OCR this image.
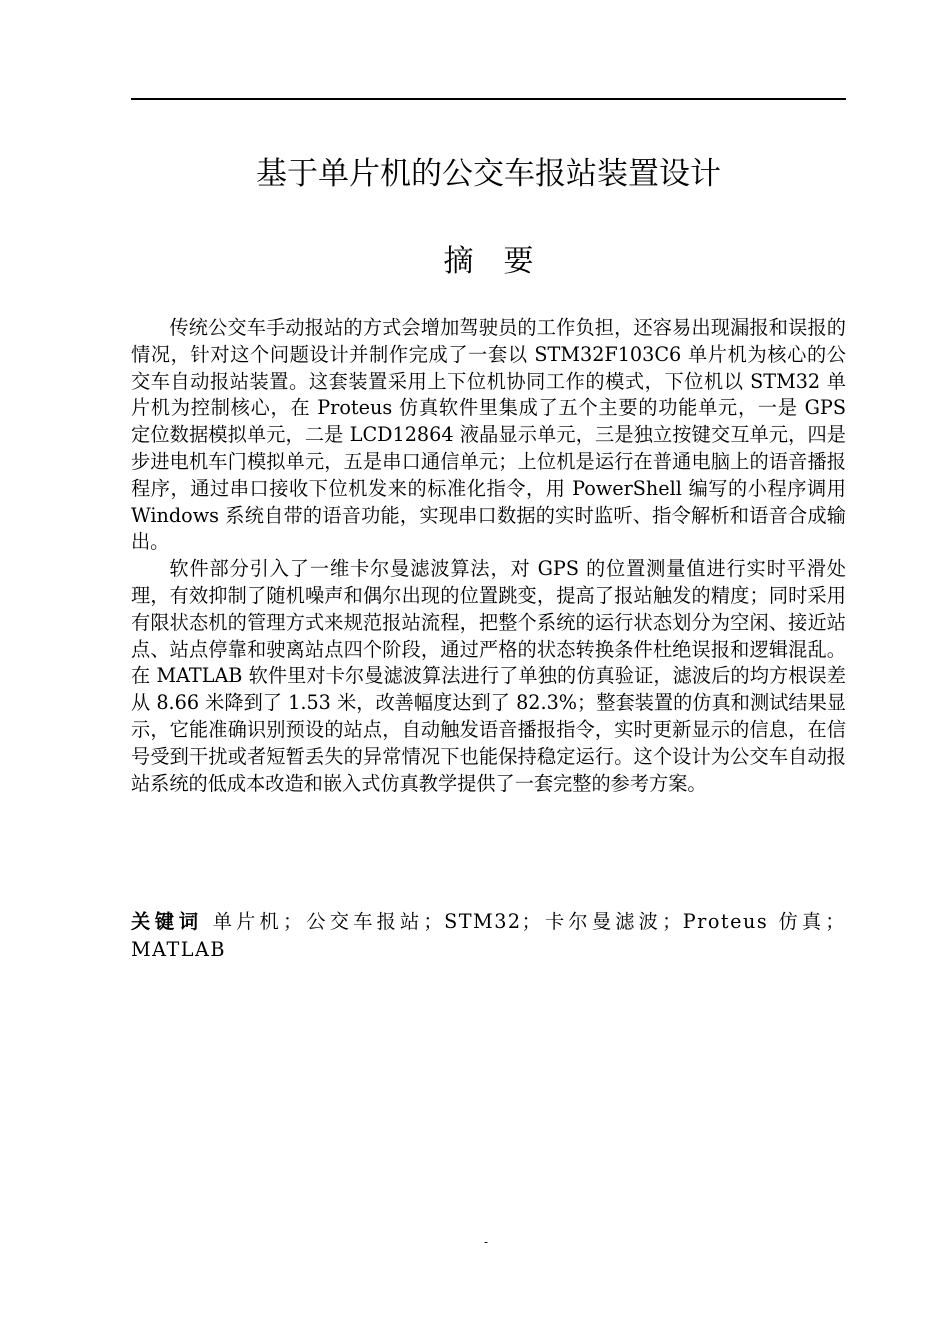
基于单片机的公交车报站装置设计
摘要

传统公交车手动报站的方式会增加驾驶员的工作负担，还容易出现漏报和误报的情况，针对这个问题设计并制作完成了一套以 STM32F103C6 单片机为核心的公交车自动报站装置。这套装置采用上下位机协同工作的模式，下位机以 STM32 单片机为控制核心，在 Proteus 仿真软件里集成了五个主要的功能单元，一是 GPS 定位数据模拟单元，二是 LCD12864 液晶显示单元，三是独立按键交互单元，四是步进电机车门模拟单元，五是串口通信单元；上位机是运行在普通电脑上的语音播报程序，通过串口接收下位机发来的标准化指令，用 PowerShell 编写的小程序调用 Windows 系统自带的语音功能，实现串口数据的实时监听、指令解析和语音合成输出。

软件部分引入了一维卡尔曼滤波算法，对 GPS 的位置测量值进行实时平滑处理，有效抑制了随机噪声和偶尔出现的位置跳变，提高了报站触发的精度；同时采用有限状态机的管理方式来规范报站流程，把整个系统的运行状态划分为空闲、接近站点、站点停靠和驶离站点四个阶段，通过严格的状态转换条件杜绝误报和逻辑混乱。在 MATLAB 软件里对卡尔曼滤波算法进行了单独的仿真验证，滤波后的均方根误差从 8.66 米降到了 1.53 米，改善幅度达到了 82.3%；整套装置的仿真和测试结果显示，它能准确识别预设的站点，自动触发语音播报指令，实时更新显示的信息，在信号受到干扰或者短暂丢失的异常情况下也能保持稳定运行。这个设计为公交车自动报站系统的低成本改造和嵌入式仿真教学提供了一套完整的参考方案。

关键词 单片机；公交车报站；STM32；卡尔曼滤波；Proteus 仿真；MATLAB
-
